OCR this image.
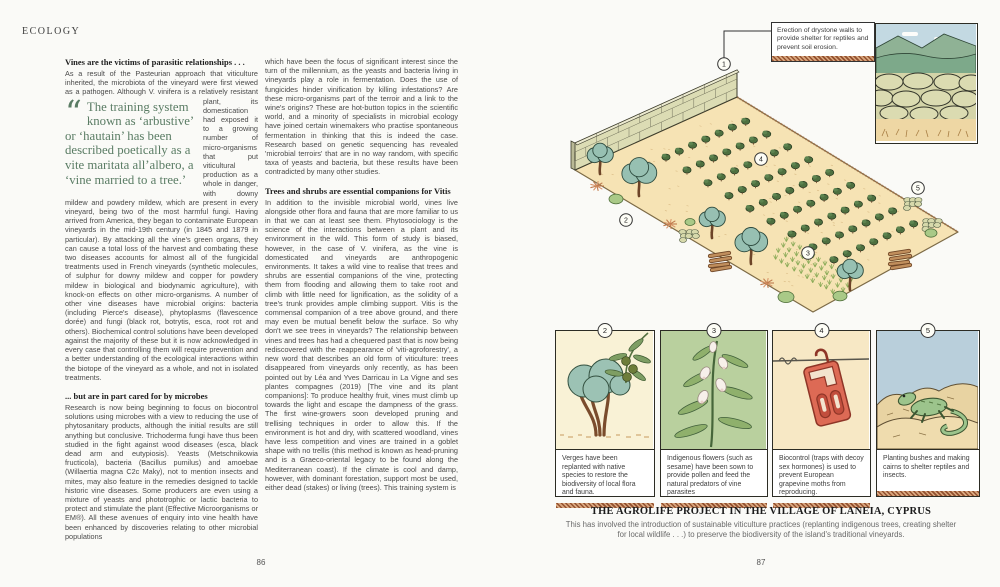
ECOLOGY
Vines are the victims of parasitic relationships . . .

As a result of the Pasteurian approach that viticulture inherited, the microbiota of the vineyard were first viewed as a pathogen. Although V. vinifera is a
“ The training system known as ‘arbustive’ or ‘hautain’ has been described poetically as a vite maritata all’albero, a ‘vine married to a tree.’
relatively resistant plant, its domestication had exposed it to a growing number of micro-organisms that put viticultural production as a whole in danger, with downy mildew and powdery mildew, which are present in every vineyard, being two of the most harmful fungi. Having arrived from America, they began to contaminate European vineyards in the mid-19th century (in 1845 and 1879 in particular). By attacking all the vine's green organs, they can cause a total loss of the harvest and combating these two diseases accounts for almost all of the fungicidal treatments used in French vineyards (synthetic molecules, of sulphur for downy mildew and copper for powdery mildew in biological and biodynamic agriculture), with knock-on effects on other micro-organisms. A number of other vine diseases have microbial origins: bacteria (including Pierce's disease), phytoplasms (flavescence dorée) and fungi (black rot, botrytis, esca, root rot and others). Biochemical control solutions have been developed against the majority of these but it is now acknowledged in every case that controlling them will require prevention and a better understanding of the ecological interactions within the biotope of the vineyard as a whole, and not in isolated treatments.

... but are in part cared for by microbes

Research is now being beginning to focus on biocontrol solutions using microbes with a view to reducing the use of phytosanitary products, although the initial results are still anything but conclusive. Trichoderma fungi have thus been studied in the fight against wood diseases (esca, black dead arm and eutypiosis). Yeasts (Metschnikowia fructicola), bacteria (Bacillus pumilus) and amoebae (Willaertia magna C2c Maky), not to mention insects and mites, may also feature in the remedies designed to tackle historic vine diseases. Some producers are even using a mixture of yeasts and phototrophic or lactic bacteria to protect and stimulate the plant (Effective Microorganisms or EM®). All these avenues of enquiry into vine health have been enhanced by discoveries relating to other microbial populations

which have been the focus of significant interest since the turn of the millennium, as the yeasts and bacteria living in vineyards play a role in fermentation. Does the use of fungicides hinder vinification by killing infestations? Are these micro-organisms part of the terroir and a link to the wine's origins? These are hot-button topics in the scientific world, and a minority of specialists in microbial ecology have joined certain winemakers who practise spontaneous fermentation in thinking that this is indeed the case. Research based on genetic sequencing has revealed 'microbial terroirs' that are in no way random, with specific taxa of yeasts and bacteria, but these results have been contradicted by many other studies.

Trees and shrubs are essential companions for Vitis

In addition to the invisible microbial world, vines live alongside other flora and fauna that are more familiar to us in that we can at least see them. Phytosociology is the science of the interactions between a plant and its environment in the wild. This form of study is biased, however, in the case of V. vinifera, as the vine is domesticated and vineyards are anthropogenic environments. It takes a wild vine to realise that trees and shrubs are essential companions of the vine, protecting them from flooding and allowing them to take root and climb with little need for lignification, as the solidity of a tree's trunk provides ample climbing support. Vitis is the commensal companion of a tree above ground, and there may even be mutual benefit below the surface. So why don't we see trees in vineyards? The relationship between vines and trees has had a chequered past that is now being rediscovered with the reappearance of 'viti-agroforestry', a new word that describes an old form of viticulture: trees disappeared from vineyards only recently, as has been pointed out by Léa and Yves Darricau in La Vigne and ses plantes compagnes (2019) [The vine and its plant companions]: To produce healthy fruit, vines must climb up towards the light and escape the dampness of the grass. The first wine-growers soon developed pruning and trellising techniques in order to allow this. If the environment is hot and dry, with scattered woodland, vines have less competition and vines are trained in a goblet shape with no trellis (this method is known as head-pruning and is a Graeco-oriental legacy to be found along the Mediterranean coast). If the climate is cool and damp, however, with dominant forestation, support most be used, either dead (stakes) or living (trees). This training system is

86
1
2
3
4
5
Erection of drystone walls to provide shelter for reptiles and prevent soil erosion.
2
Verges have been replanted with native species to restore the biodiversity of local flora and fauna.
3
Indigenous flowers (such as sesame) have been sown to provide pollen and feed the natural predators of vine parasites
4
Biocontrol (traps with decoy sex hormones) is used to prevent European grapevine moths from reproducing.
5
Planting bushes and making cairns to shelter reptiles and insects.
THE AGROLIFE PROJECT IN THE VILLAGE OF LANEIA, CYPRUS
This has involved the introduction of sustainable viticulture practices (replanting indigenous trees, creating shelter for local wildlife . . .) to preserve the biodiversity of the island's traditional vineyards.
87
